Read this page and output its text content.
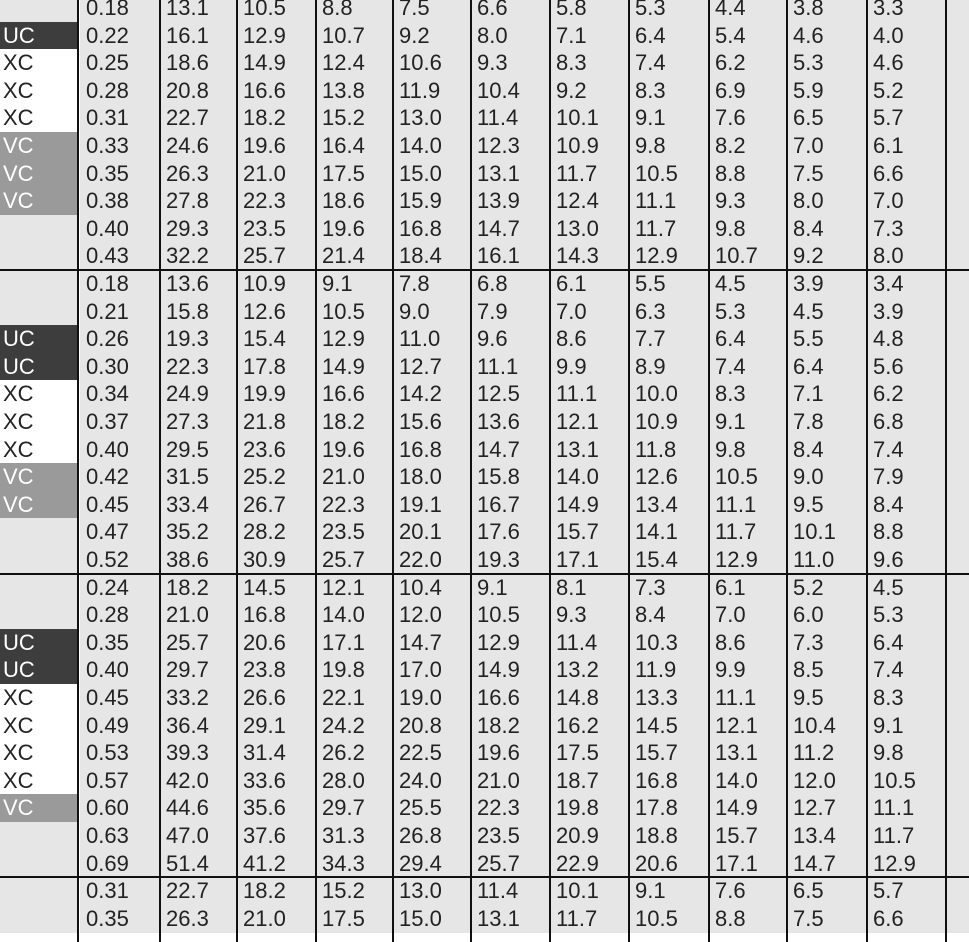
0.18	13.1	10.5	8.8	7.5	6.6	5.8	5.3	4.4	3.8	3.3
UC	0.22	16.1	12.9	10.7	9.2	8.0	7.1	6.4	5.4	4.6	4.0
XC	0.25	18.6	14.9	12.4	10.6	9.3	8.3	7.4	6.2	5.3	4.6
XC	0.28	20.8	16.6	13.8	11.9	10.4	9.2	8.3	6.9	5.9	5.2
XC	0.31	22.7	18.2	15.2	13.0	11.4	10.1	9.1	7.6	6.5	5.7
VC	0.33	24.6	19.6	16.4	14.0	12.3	10.9	9.8	8.2	7.0	6.1
VC	0.35	26.3	21.0	17.5	15.0	13.1	11.7	10.5	8.8	7.5	6.6
VC	0.38	27.8	22.3	18.6	15.9	13.9	12.4	11.1	9.3	8.0	7.0
0.40	29.3	23.5	19.6	16.8	14.7	13.0	11.7	9.8	8.4	7.3
0.43	32.2	25.7	21.4	18.4	16.1	14.3	12.9	10.7	9.2	8.0
0.18	13.6	10.9	9.1	7.8	6.8	6.1	5.5	4.5	3.9	3.4
0.21	15.8	12.6	10.5	9.0	7.9	7.0	6.3	5.3	4.5	3.9
UC	0.26	19.3	15.4	12.9	11.0	9.6	8.6	7.7	6.4	5.5	4.8
UC	0.30	22.3	17.8	14.9	12.7	11.1	9.9	8.9	7.4	6.4	5.6
XC	0.34	24.9	19.9	16.6	14.2	12.5	11.1	10.0	8.3	7.1	6.2
XC	0.37	27.3	21.8	18.2	15.6	13.6	12.1	10.9	9.1	7.8	6.8
XC	0.40	29.5	23.6	19.6	16.8	14.7	13.1	11.8	9.8	8.4	7.4
VC	0.42	31.5	25.2	21.0	18.0	15.8	14.0	12.6	10.5	9.0	7.9
VC	0.45	33.4	26.7	22.3	19.1	16.7	14.9	13.4	11.1	9.5	8.4
0.47	35.2	28.2	23.5	20.1	17.6	15.7	14.1	11.7	10.1	8.8
0.52	38.6	30.9	25.7	22.0	19.3	17.1	15.4	12.9	11.0	9.6
0.24	18.2	14.5	12.1	10.4	9.1	8.1	7.3	6.1	5.2	4.5
0.28	21.0	16.8	14.0	12.0	10.5	9.3	8.4	7.0	6.0	5.3
UC	0.35	25.7	20.6	17.1	14.7	12.9	11.4	10.3	8.6	7.3	6.4
UC	0.40	29.7	23.8	19.8	17.0	14.9	13.2	11.9	9.9	8.5	7.4
XC	0.45	33.2	26.6	22.1	19.0	16.6	14.8	13.3	11.1	9.5	8.3
XC	0.49	36.4	29.1	24.2	20.8	18.2	16.2	14.5	12.1	10.4	9.1
XC	0.53	39.3	31.4	26.2	22.5	19.6	17.5	15.7	13.1	11.2	9.8
XC	0.57	42.0	33.6	28.0	24.0	21.0	18.7	16.8	14.0	12.0	10.5
VC	0.60	44.6	35.6	29.7	25.5	22.3	19.8	17.8	14.9	12.7	11.1
0.63	47.0	37.6	31.3	26.8	23.5	20.9	18.8	15.7	13.4	11.7
0.69	51.4	41.2	34.3	29.4	25.7	22.9	20.6	17.1	14.7	12.9
0.31	22.7	18.2	15.2	13.0	11.4	10.1	9.1	7.6	6.5	5.7
0.35	26.3	21.0	17.5	15.0	13.1	11.7	10.5	8.8	7.5	6.6
